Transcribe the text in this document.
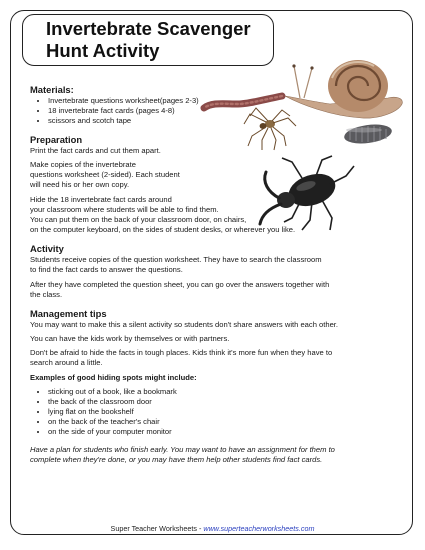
Invertebrate Scavenger
Hunt Activity
Materials:
• Invertebrate questions worksheet(pages 2-3)
• 18 invertebrate fact cards (pages 4-8)
• scissors and scotch tape
Preparation

Print the fact cards and cut them apart.

Make copies of the invertebrate

questions worksheet (2-sided). Each student

will need his or her own copy.

Hide the 18 invertebrate fact cards around

your classroom where students will be able to find them.

You can put them on the back of your classroom door, on chairs,

on the computer keyboard, on the sides of student desks, or wherever you like.

Activity

Students receive copies of the question worksheet. They have to search the classroom

to find the fact cards to answer the questions.

After they have completed the question sheet, you can go over the answers together with

the class.

Management tips

You may want to make this a silent activity so students don't share answers with each other.

You can have the kids work by themselves or with partners.

Don't be afraid to hide the facts in tough places. Kids think it's more fun when they have to

search around a little.

Examples of good hiding spots might include:

• sticking out of a book, like a bookmark
• the back of the classroom door
• lying flat on the bookshelf
• on the back of the teacher's chair
• on the side of your computer monitor

Have a plan for students who finish early. You may want to have an assignment for them to

complete when they're done, or you may have them help other students find fact cards.

Super Teacher Worksheets - www.superteacherworksheets.com
